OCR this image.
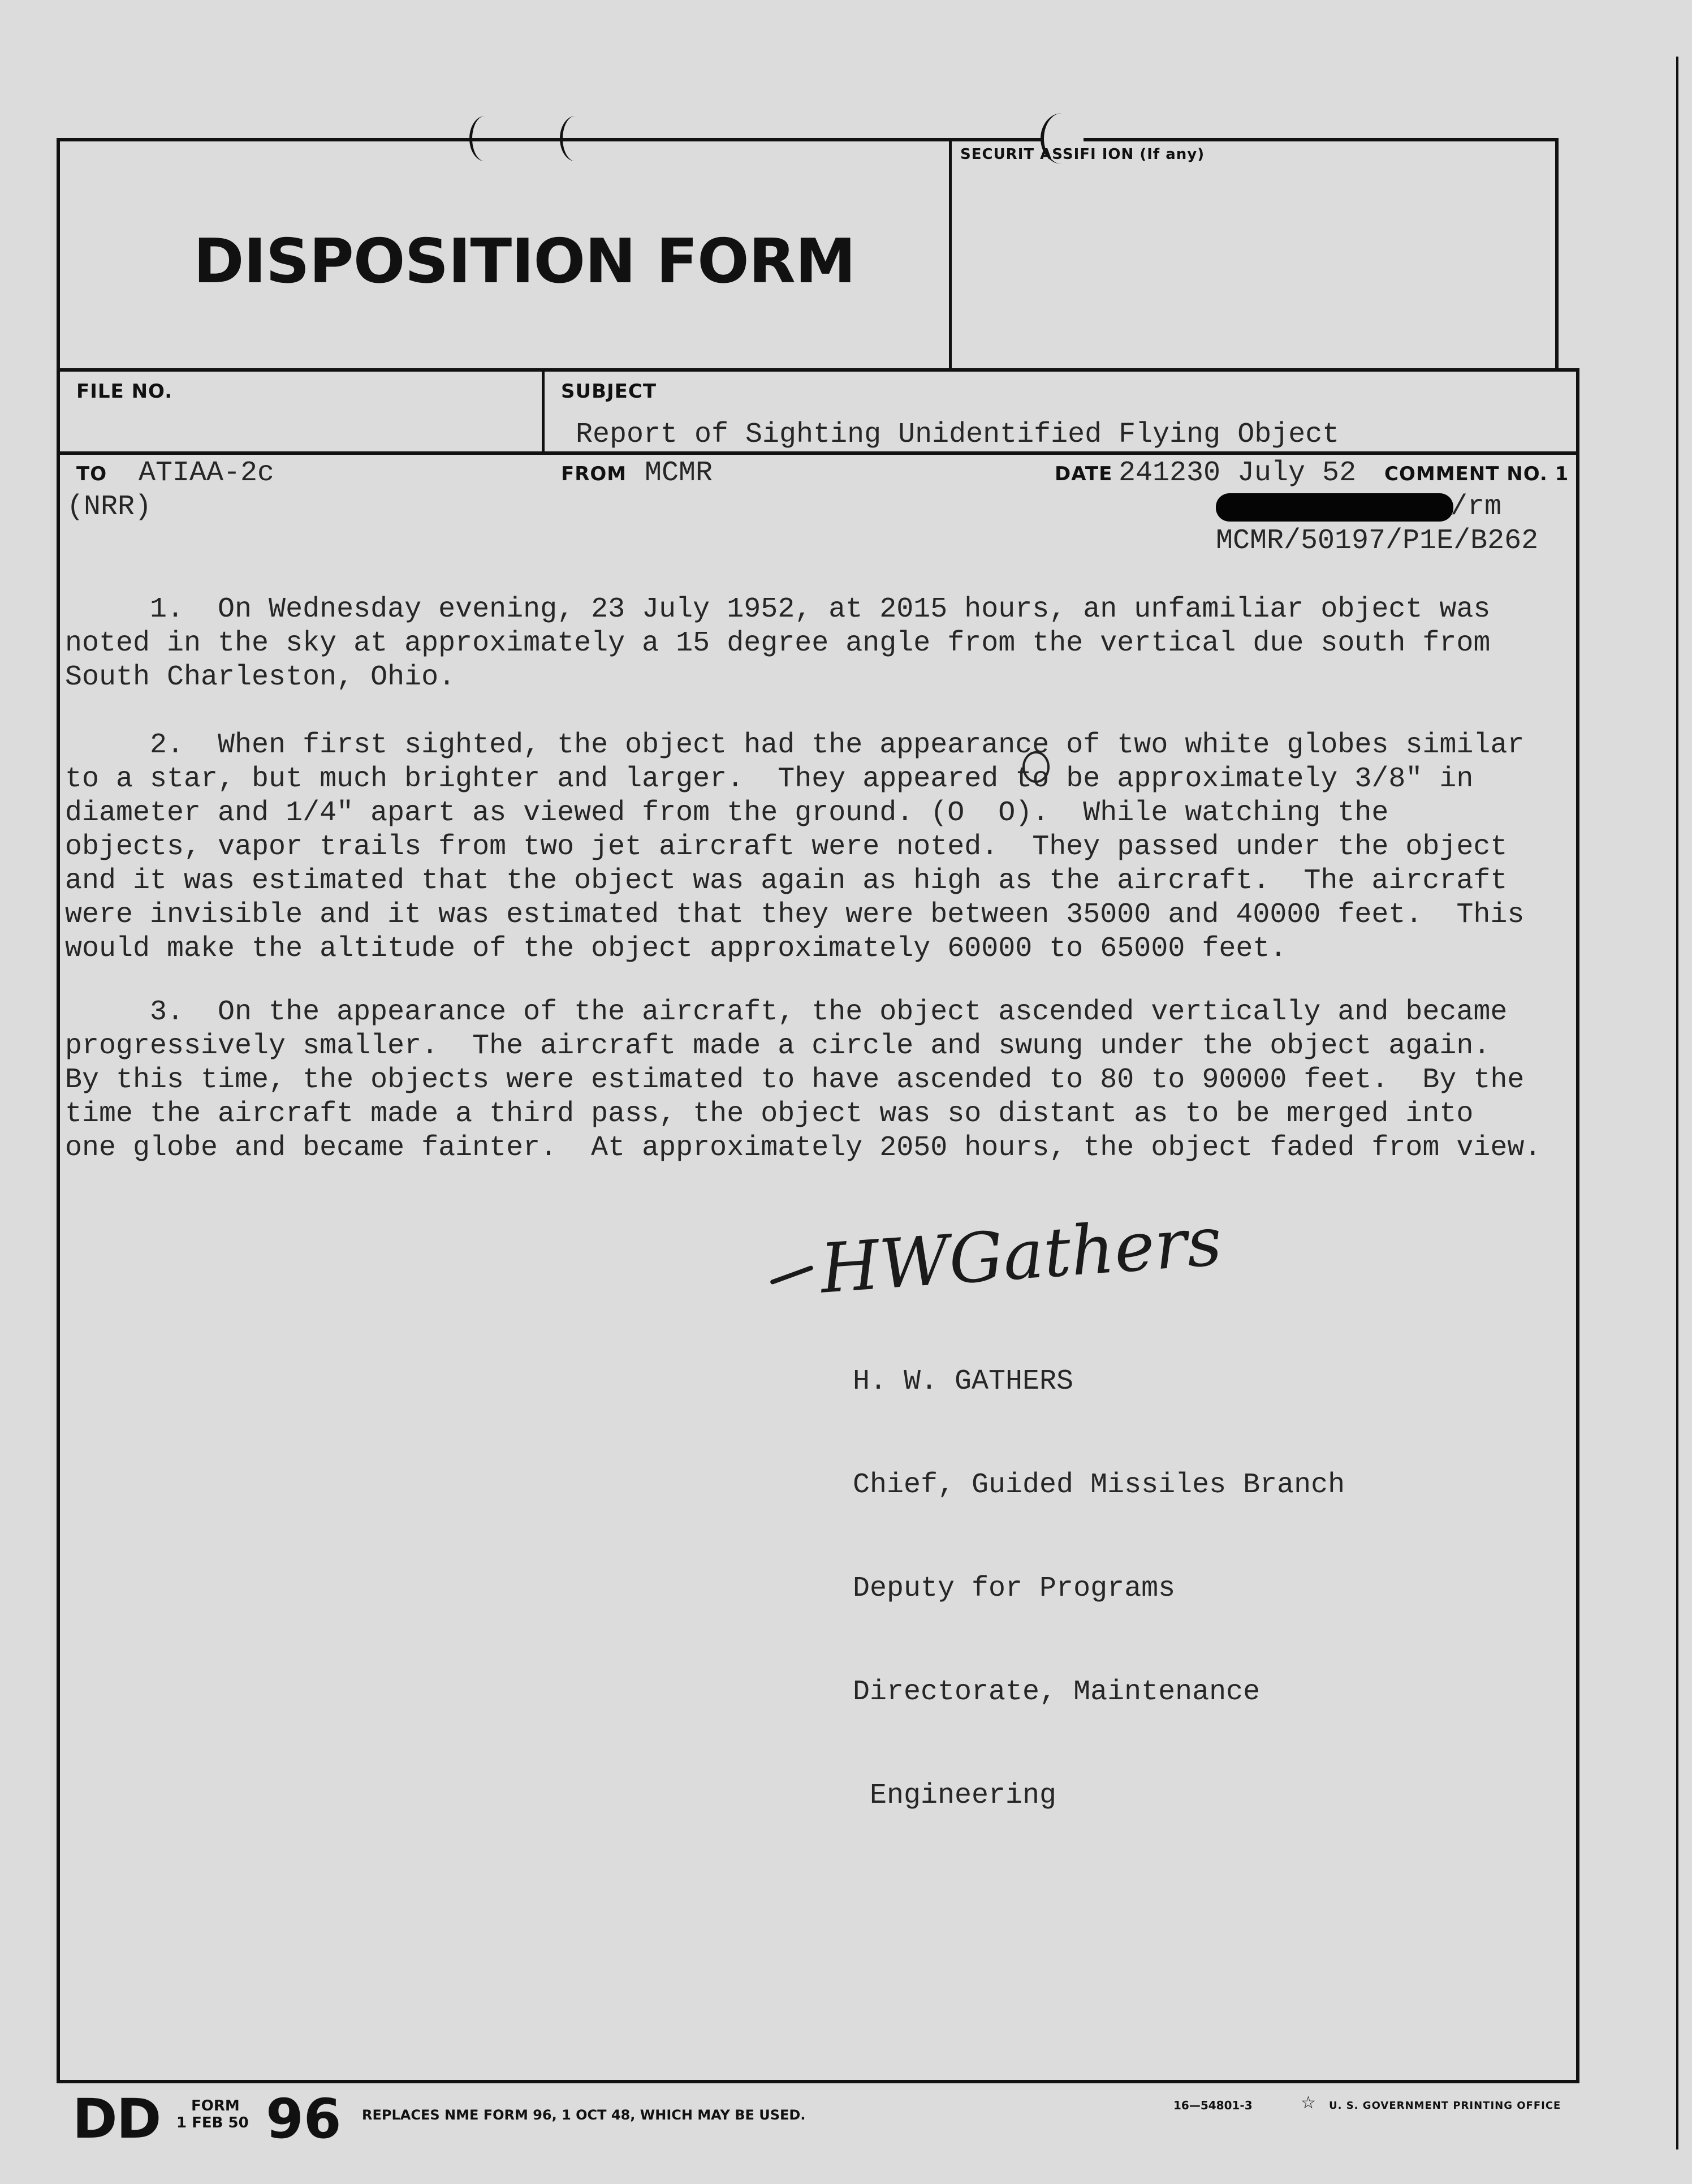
DISPOSITION FORM
SECURIT ASSIFI ION (If any)
FILE NO.	SUBJECT
Report of Sighting Unidentified Flying Object
TO ATIAA-2c
(NRR)
FROM MCMR	DATE 241230 July 52 COMMENT NO. 1
/rm
MCMR/50197/P1E/B262
1.  On Wednesday evening, 23 July 1952, at 2015 hours, an unfamiliar object was
noted in the sky at approximately a 15 degree angle from the vertical due south from
South Charleston, Ohio.
2.  When first sighted, the object had the appearance of two white globes similar
to a star, but much brighter and larger.  They appeared to be approximately 3/8" in
diameter and 1/4" apart as viewed from the ground. (O  O).  While watching the
objects, vapor trails from two jet aircraft were noted.  They passed under the object
and it was estimated that the object was again as high as the aircraft.  The aircraft
were invisible and it was estimated that they were between 35000 and 40000 feet.  This
would make the altitude of the object approximately 60000 to 65000 feet.
3.  On the appearance of the aircraft, the object ascended vertically and became
progressively smaller.  The aircraft made a circle and swung under the object again.
By this time, the objects were estimated to have ascended to 80 to 90000 feet.  By the
time the aircraft made a third pass, the object was so distant as to be merged into
one globe and became fainter.  At approximately 2050 hours, the object faded from view.
HWGathers

H. W. GATHERS

Chief, Guided Missiles Branch

Deputy for Programs

Directorate, Maintenance

Engineering

DD FORM
1 FEB 50 96 REPLACES NME FORM 96, 1 OCT 48, WHICH MAY BE USED.
16—54801-3	☆ U. S. GOVERNMENT PRINTING OFFICE
